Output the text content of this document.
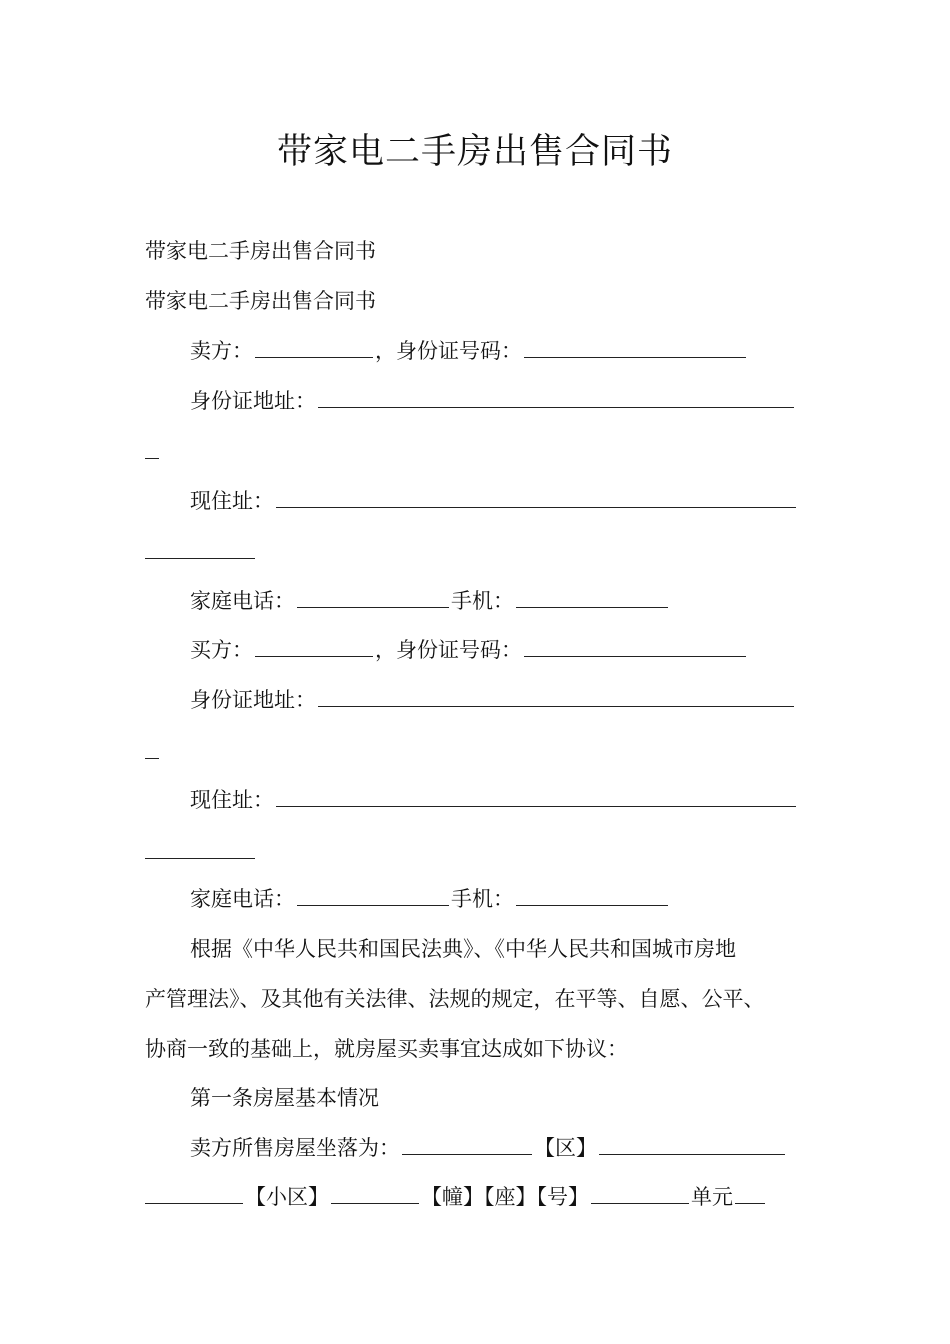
带家电二手房出售合同书
带家电二手房出售合同书
带家电二手房出售合同书
卖方：	，身份证号码：
身份证地址：
现住址：
家庭电话：	手机：
买方：	，身份证号码：
身份证地址：
现住址：
家庭电话：	手机：
根据《中华人民共和国民法典》、《中华人民共和国城市房地
产管理法》、及其他有关法律、法规的规定，在平等、自愿、公平、
协商一致的基础上，就房屋买卖事宜达成如下协议：
第一条房屋基本情况
卖方所售房屋坐落为：	【区】
【小区】	【幢】【座】【号】	单元
